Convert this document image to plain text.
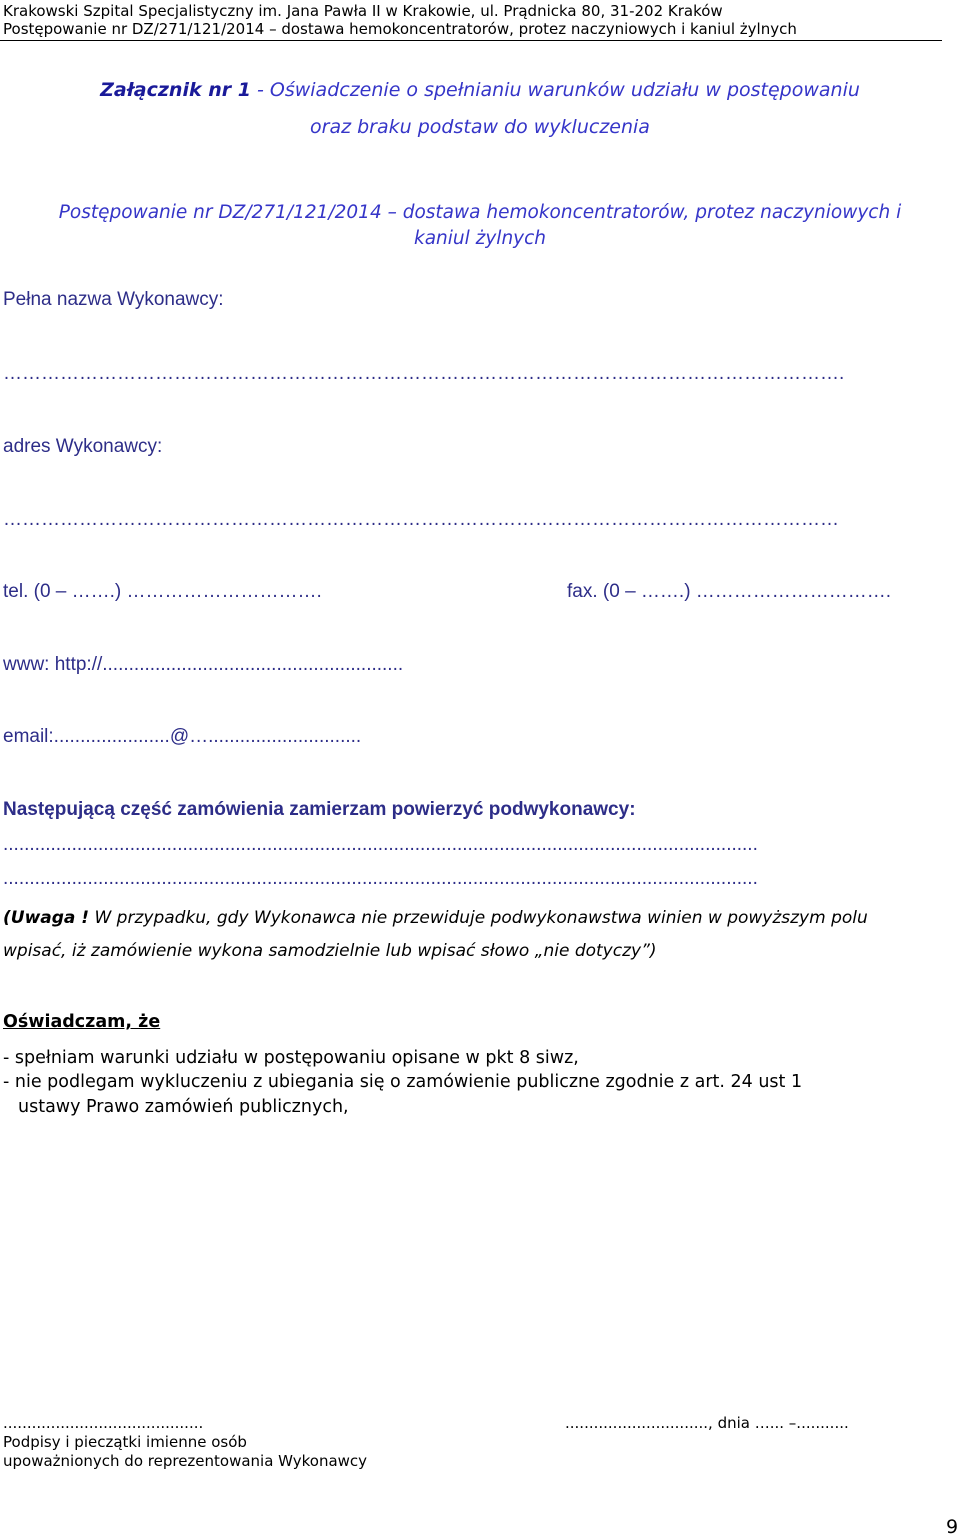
Krakowski Szpital Specjalistyczny im. Jana Pawła II w Krakowie, ul. Prądnicka 80, 31-202 Kraków
Postępowanie nr DZ/271/121/2014 – dostawa hemokoncentratorów, protez naczyniowych i kaniul żylnych
Załącznik nr 1 - Oświadczenie o spełnianiu warunków udziału w postępowaniu
oraz braku podstaw do wykluczenia
Postępowanie nr DZ/271/121/2014 – dostawa hemokoncentratorów, protez naczyniowych i
kaniul żylnych
Pełna nazwa Wykonawcy:
…………………………………………………………………………………………………………………….
adres Wykonawcy:
……………………………………………………………………………………………………………………
tel. (0 – …….) ………………………….	fax. (0 – …….) ………………………….
www: http://.........................................................
email:......................@….............................
Następującą część zamówienia zamierzam powierzyć podwykonawcy:
...............................................................................................................................................
...............................................................................................................................................
(Uwaga ! W przypadku, gdy Wykonawca nie przewiduje podwykonawstwa winien w powyższym polu
wpisać, iż zamówienie wykona samodzielnie lub wpisać słowo „nie dotyczy”)
Oświadczam, że
- spełniam warunki udziału w postępowaniu opisane w pkt 8 siwz,
- nie podlegam wykluczeniu z ubiegania się o zamówienie publiczne zgodnie z art. 24 ust 1
ustawy Prawo zamówień publicznych,
..........................................	.............................., dnia …... –...........
Podpisy i pieczątki imienne osób
upoważnionych do reprezentowania Wykonawcy
9
